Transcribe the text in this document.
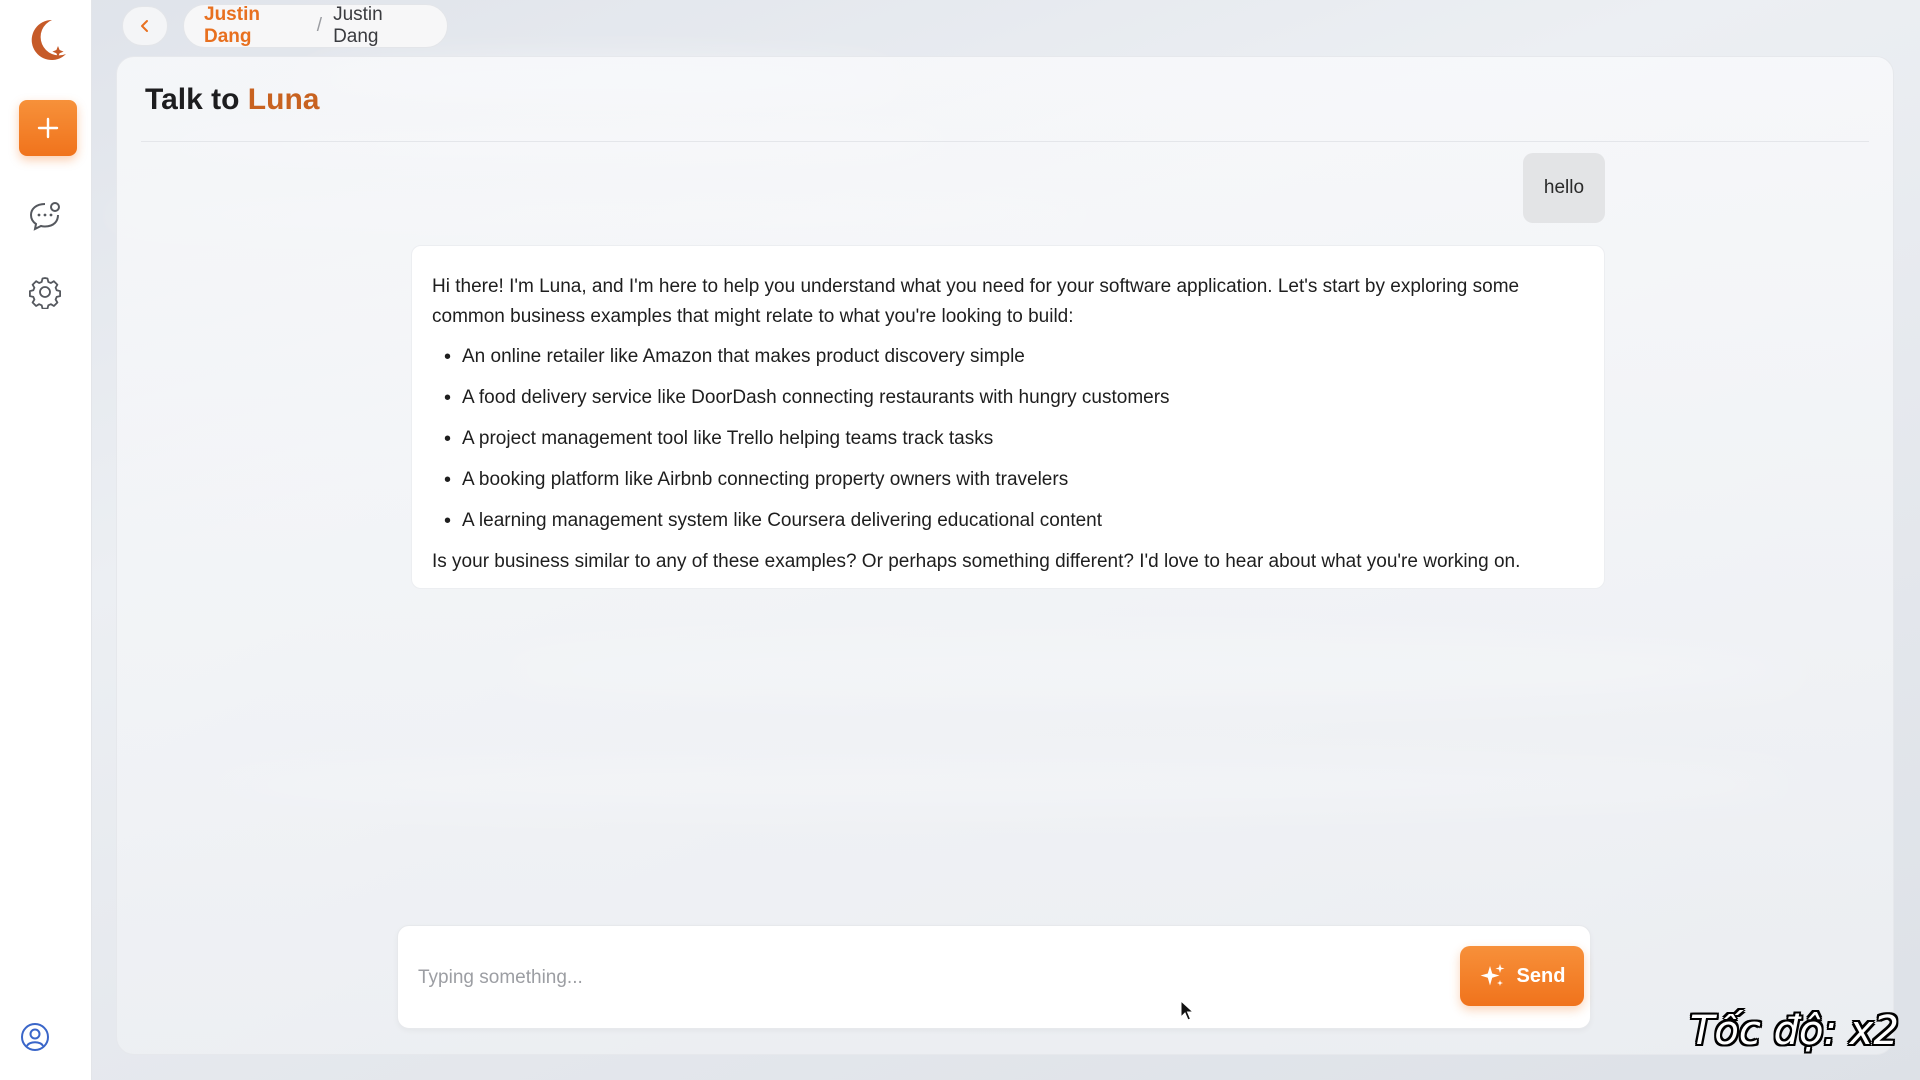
Justin Dang
/
Justin Dang
Talk to Luna
hello

Hi there! I'm Luna, and I'm here to help you understand what you need for your software application. Let's start by exploring some common business examples that might relate to what you're looking to build:

• An online retailer like Amazon that makes product discovery simple
• A food delivery service like DoorDash connecting restaurants with hungry customers
• A project management tool like Trello helping teams track tasks
• A booking platform like Airbnb connecting property owners with travelers
• A learning management system like Coursera delivering educational content

Is your business similar to any of these examples? Or perhaps something different? I'd love to hear about what you're working on.

Typing something...
Send
Tốc độ: x2
